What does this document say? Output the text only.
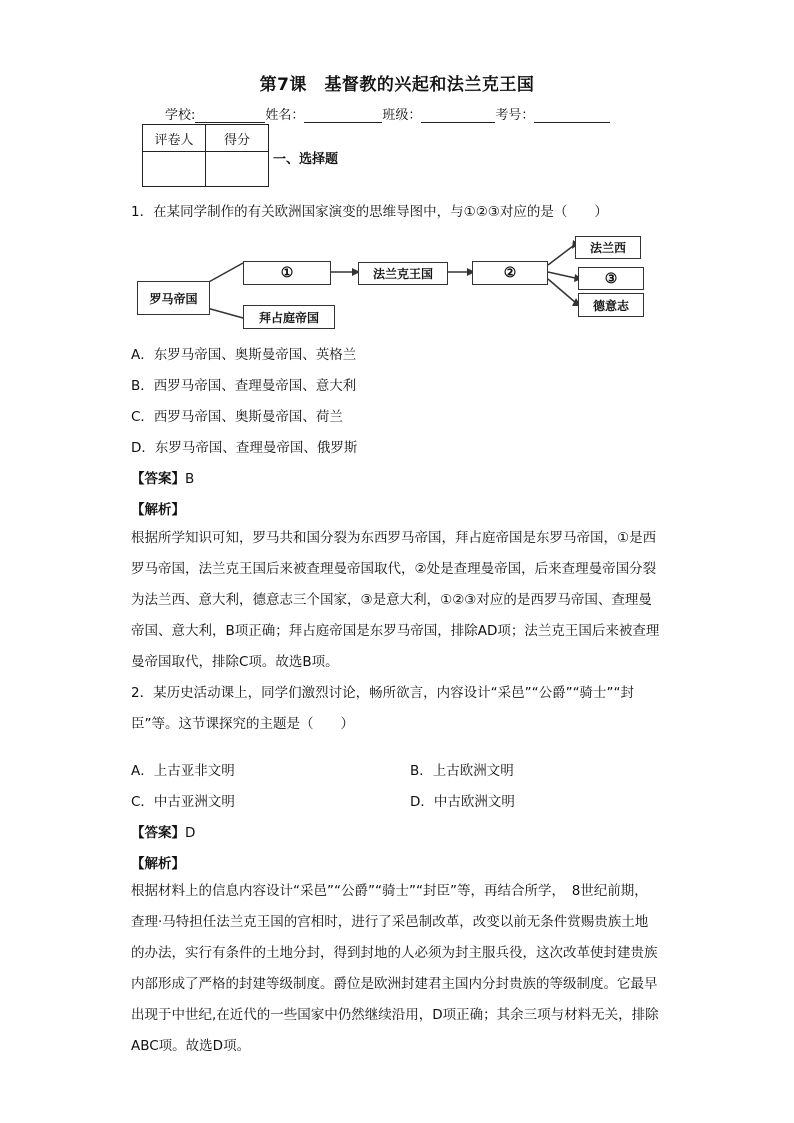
第7课　基督教的兴起和法兰克王国
学校:	姓名：	班级：	考号：
评卷人	得分

一、选择题
1．在某同学制作的有关欧洲国家演变的思维导图中，与①②③对应的是（　　）
罗马帝国
①
拜占庭帝国
法兰克王国	②
法兰西
③
德意志
A．东罗马帝国、奥斯曼帝国、英格兰
B．西罗马帝国、查理曼帝国、意大利
C．西罗马帝国、奥斯曼帝国、荷兰
D．东罗马帝国、查理曼帝国、俄罗斯
【答案】B
【解析】
根据所学知识可知，罗马共和国分裂为东西罗马帝国，拜占庭帝国是东罗马帝国，①是西罗马帝国，法兰克王国后来被查理曼帝国取代，②处是查理曼帝国，后来查理曼帝国分裂为法兰西、意大利，德意志三个国家，③是意大利，①②③对应的是西罗马帝国、查理曼帝国、意大利，B项正确；拜占庭帝国是东罗马帝国，排除AD项；法兰克王国后来被查理曼帝国取代，排除C项。故选B项。
2．某历史活动课上，同学们激烈讨论，畅所欲言，内容设计“采邑”“公爵”“骑士”“封臣”等。这节课探究的主题是（　　）
A．上古亚非文明	B．上古欧洲文明
C．中古亚洲文明	D．中古欧洲文明
【答案】D
【解析】
根据材料上的信息内容设计“采邑”“公爵”“骑士”“封臣”等，再结合所学，　8世纪前期，查理·马特担任法兰克王国的宫相时，进行了采邑制改革，改变以前无条件赏赐贵族土地的办法，实行有条件的土地分封，得到封地的人必须为封主服兵役，这次改革使封建贵族内部形成了严格的封建等级制度。爵位是欧洲封建君主国内分封贵族的等级制度。它最早出现于中世纪,在近代的一些国家中仍然继续沿用，D项正确；其余三项与材料无关，排除ABC项。故选D项。
